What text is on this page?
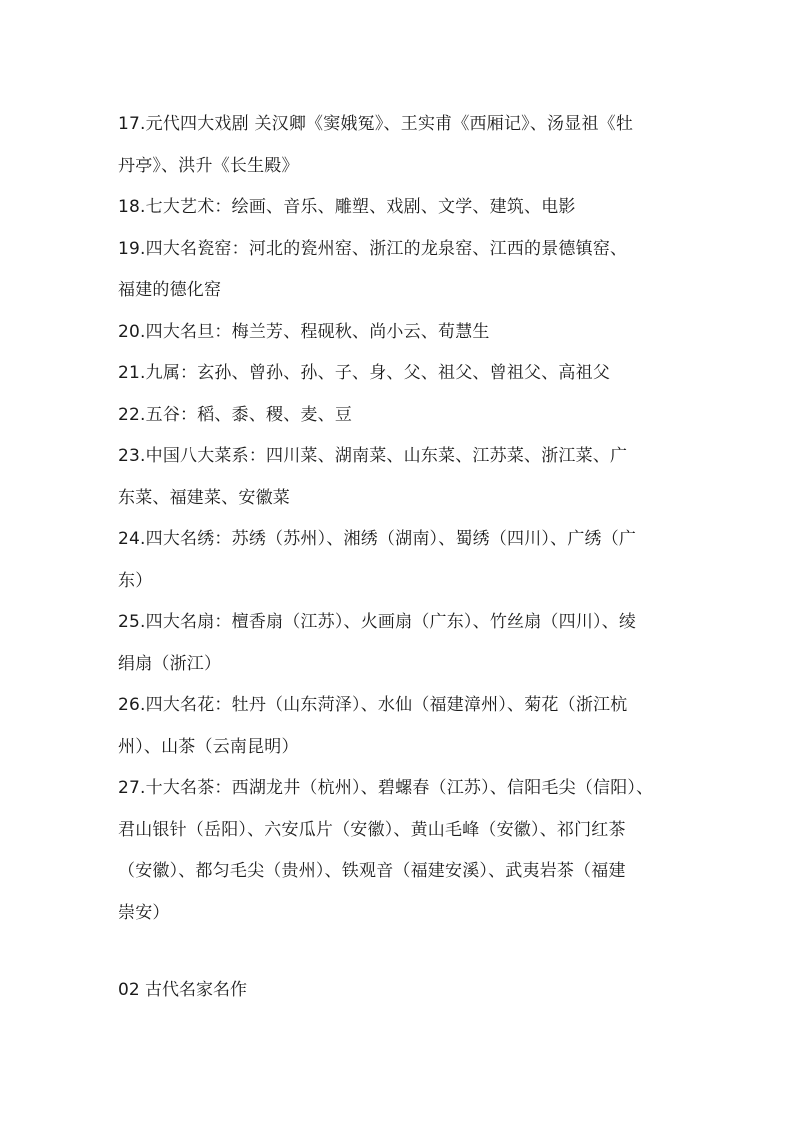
17.元代四大戏剧 关汉卿《窦娥冤》、王实甫《西厢记》、汤显祖《牡
丹亭》、洪升《长生殿》
18.七大艺术：绘画、音乐、雕塑、戏剧、文学、建筑、电影
19.四大名瓷窑：河北的瓷州窑、浙江的龙泉窑、江西的景德镇窑、
福建的德化窑
20.四大名旦：梅兰芳、程砚秋、尚小云、荀慧生
21.九属：玄孙、曾孙、孙、子、身、父、祖父、曾祖父、高祖父
22.五谷：稻、黍、稷、麦、豆
23.中国八大菜系：四川菜、湖南菜、山东菜、江苏菜、浙江菜、广
东菜、福建菜、安徽菜
24.四大名绣：苏绣（苏州）、湘绣（湖南）、蜀绣（四川）、广绣（广
东）
25.四大名扇：檀香扇（江苏）、火画扇（广东）、竹丝扇（四川）、绫
绢扇（浙江）
26.四大名花：牡丹（山东菏泽）、水仙（福建漳州）、菊花（浙江杭
州）、山茶（云南昆明）
27.十大名茶：西湖龙井（杭州）、碧螺春（江苏）、信阳毛尖（信阳）、
君山银针（岳阳）、六安瓜片（安徽）、黄山毛峰（安徽）、祁门红茶
（安徽）、都匀毛尖（贵州）、铁观音（福建安溪）、武夷岩茶（福建
崇安）
02 古代名家名作
